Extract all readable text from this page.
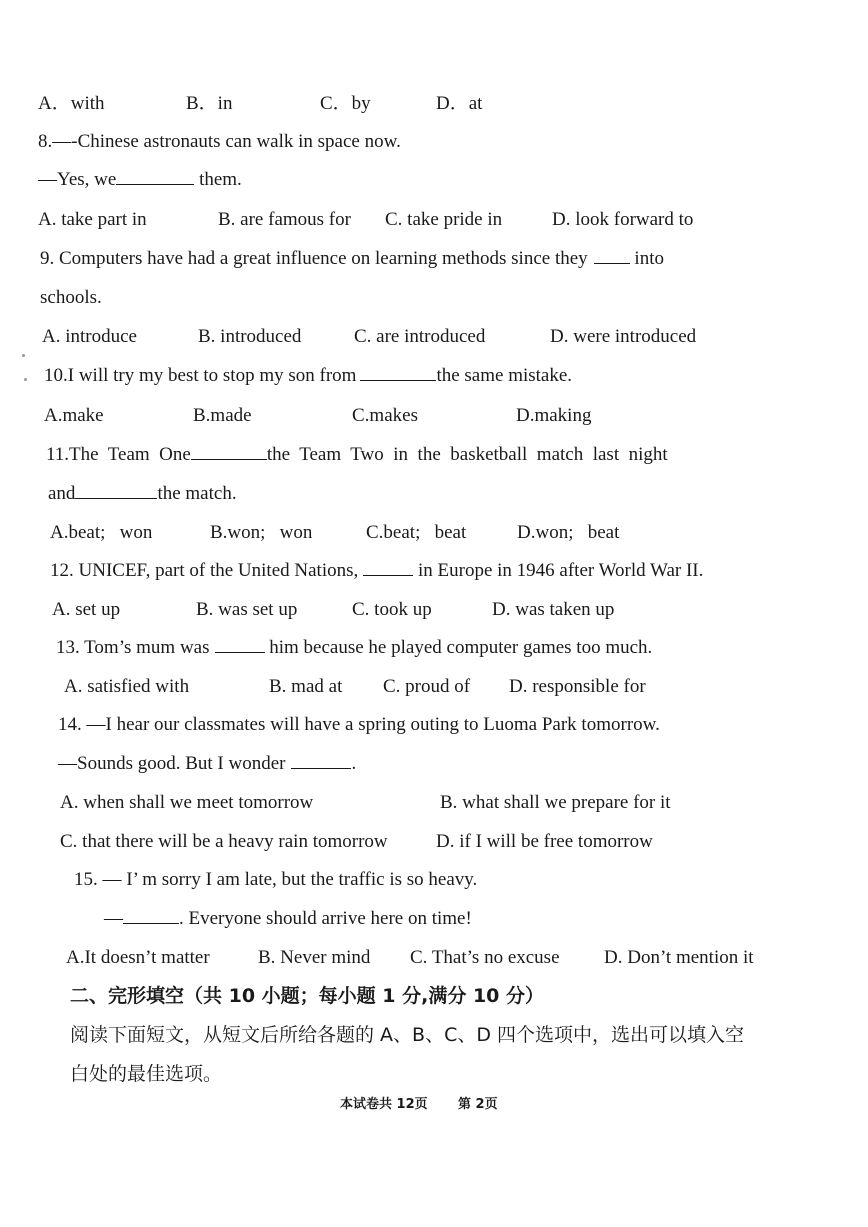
A．with	B．in	C．by	D．at
8.—-Chinese astronauts can walk in space now.
—Yes, we	them.
A. take part in	B. are famous for C. take pride in	D. look forward to
9. Computers have had a great influence on learning methods since they into
schools.
A. introduce	B. introduced	C. are introduced	D. were introduced
10.I will try my best to stop my son from	the same mistake.
A.make	B.made	C.makes	D.making
11.The  Team  One	the  Team  Two  in  the  basketball  match  last  night
and	the match.
A.beat;   won	B.won;   won	C.beat;   beat	D.won;   beat
12. UNICEF, part of the United Nations,	in Europe in 1946 after World War II.
A. set up	B. was set up	C. took up	D. was taken up
13. Tom’s mum was	him because he played computer games too much.
A. satisfied with	B. mad at C. proud of D. responsible for
14. —I hear our classmates will have a spring outing to Luoma Park tomorrow.
—Sounds good. But I wonder	.
A. when shall we meet tomorrow	B. what shall we prepare for it
C. that there will be a heavy rain tomorrow	D. if I will be free tomorrow
15. — I’ m sorry I am late, but the traffic is so heavy.
—	. Everyone should arrive here on time!
A.It doesn’t matter	B. Never mind C. That’s no excuse D. Don’t mention it
二、完形填空（共 10 小题；每小题 1 分,满分 10 分）
阅读下面短文，从短文后所给各题的 A、B、C、D 四个选项中，选出可以填入空
白处的最佳选项。
本试卷共 12页 第 2页
